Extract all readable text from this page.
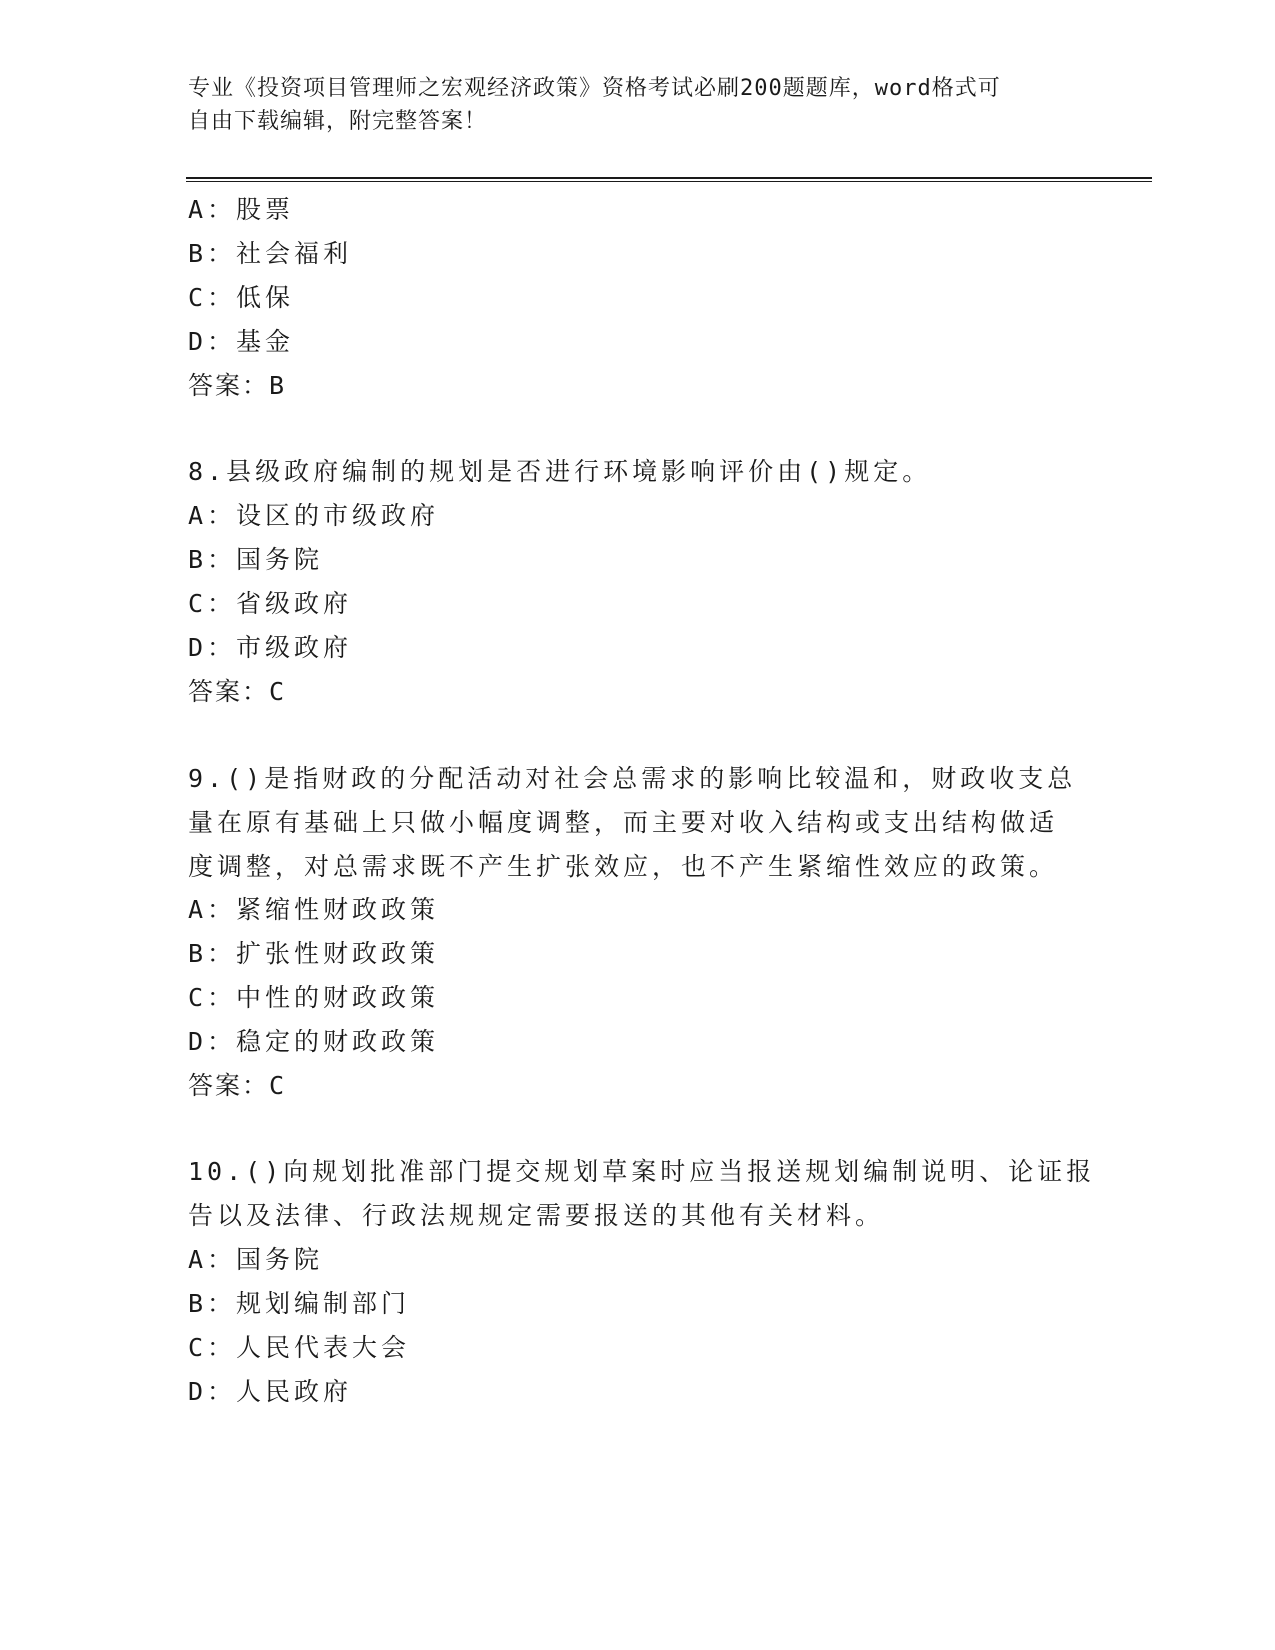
专业《投资项目管理师之宏观经济政策》资格考试必刷200题题库，word格式可
自由下载编辑，附完整答案！
A：股票
B：社会福利
C：低保
D：基金
答案：B
8.县级政府编制的规划是否进行环境影响评价由()规定。
A：设区的市级政府
B：国务院
C：省级政府
D：市级政府
答案：C
9.()是指财政的分配活动对社会总需求的影响比较温和，财政收支总
量在原有基础上只做小幅度调整，而主要对收入结构或支出结构做适
度调整，对总需求既不产生扩张效应，也不产生紧缩性效应的政策。
A：紧缩性财政政策
B：扩张性财政政策
C：中性的财政政策
D：稳定的财政政策
答案：C
10.()向规划批准部门提交规划草案时应当报送规划编制说明、论证报
告以及法律、行政法规规定需要报送的其他有关材料。
A：国务院
B：规划编制部门
C：人民代表大会
D：人民政府
